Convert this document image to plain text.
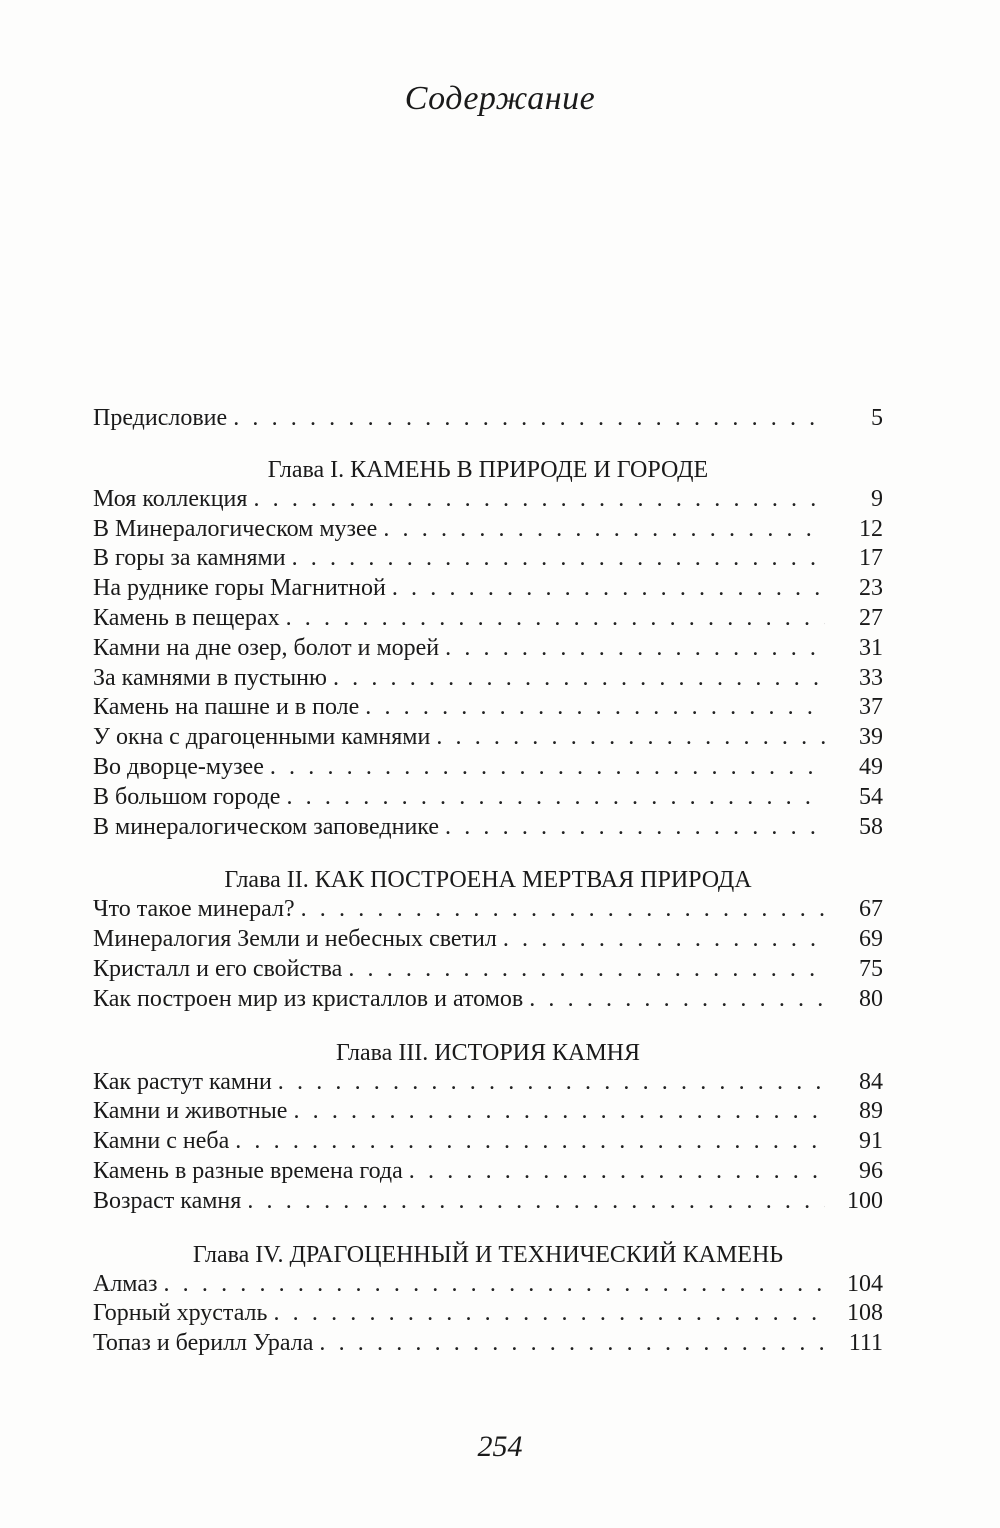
Содержание
Предисловие . . .	5
Глава I. КАМЕНЬ В ПРИРОДЕ И ГОРОДЕ
Моя коллекция . . .	9
В Минералогическом музее . . .	12
В горы за камнями . . .	17
На руднике горы Магнитной . . .	23
Камень в пещерах . . .	27
Камни на дне озер, болот и морей . . .	31
За камнями в пустыню . . .	33
Камень на пашне и в поле . . .	37
У окна с драгоценными камнями . . .	39
Во дворце-музее . . .	49
В большом городе . . .	54
В минералогическом заповеднике . . .	58
Глава II. КАК ПОСТРОЕНА МЕРТВАЯ ПРИРОДА
Что такое минерал? . . .	67
Минералогия Земли и небесных светил . . .	69
Кристалл и его свойства . . .	75
Как построен мир из кристаллов и атомов . . .	80
Глава III. ИСТОРИЯ КАМНЯ
Как растут камни . . .	84
Камни и животные . . .	89
Камни с неба . . .	91
Камень в разные времена года . . .	96
Возраст камня . . .	100
Глава IV. ДРАГОЦЕННЫЙ И ТЕХНИЧЕСКИЙ КАМЕНЬ
Алмаз . . .	104
Горный хрусталь . . .	108
Топаз и берилл Урала . . .	111
254
